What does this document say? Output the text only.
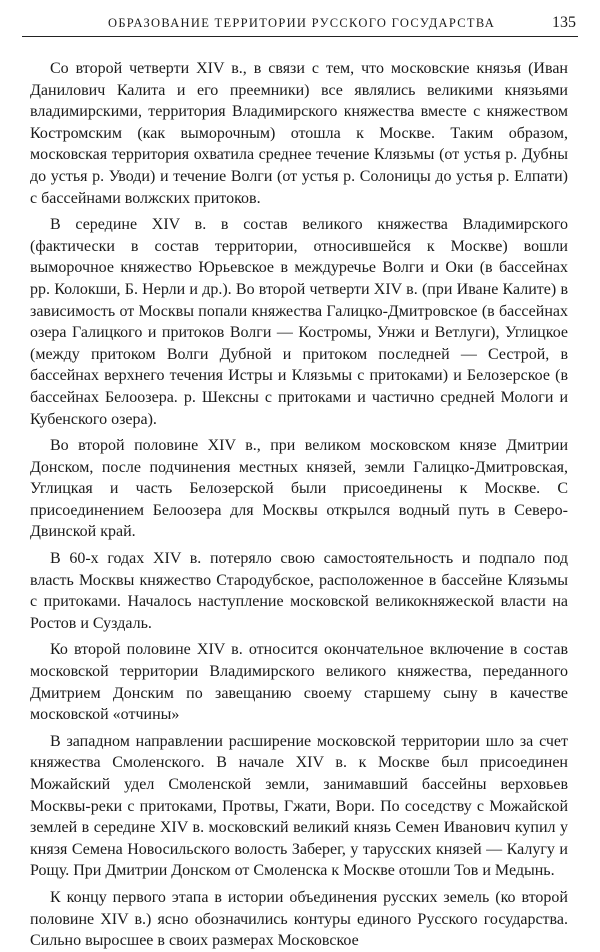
ОБРАЗОВАНИЕ ТЕРРИТОРИИ РУССКОГО ГОСУДАРСТВА	135

Со второй четверти XIV в., в связи с тем, что московские князья (Иван Данилович Калита и его преемники) все являлись великими князьями владимирскими, территория Владимирского княжества вместе с княжеством Костромским (как выморочным) отошла к Москве. Таким образом, московская территория охватила среднее течение Клязьмы (от устья р. Дубны до устья р. Уводи) и течение Волги (от устья р. Солоницы до устья р. Елпати) с бассейнами волжских притоков.

В середине XIV в. в состав великого княжества Владимирского (фактически в состав территории, относившейся к Москве) вошли выморочное княжество Юрьевское в междуречье Волги и Оки (в бассейнах рр. Колокши, Б. Нерли и др.). Во второй четверти XIV в. (при Иване Калите) в зависимость от Москвы попали княжества Галицко-Дмитровское (в бассейнах озера Галицкого и притоков Волги — Костромы, Унжи и Ветлуги), Углицкое (между притоком Волги Дубной и притоком последней — Сестрой, в бассейнах верхнего течения Истры и Клязьмы с притоками) и Белозерское (в бассейнах Белоозера. р. Шексны с притоками и частично средней Мологи и Кубенского озера).

Во второй половине XIV в., при великом московском князе Дмитрии Донском, после подчинения местных князей, земли Галицко-Дмитровская, Углицкая и часть Белозерской были присоединены к Москве. С присоединением Белоозера для Москвы открылся водный путь в Северо-Двинской край.

В 60-х годах XIV в. потеряло свою самостоятельность и подпало под власть Москвы княжество Стародубское, расположенное в бассейне Клязьмы с притоками. Началось наступление московской великокняжеской власти на Ростов и Суздаль.

Ко второй половине XIV в. относится окончательное включение в состав московской территории Владимирского великого княжества, переданного Дмитрием Донским по завещанию своему старшему сыну в качестве московской «отчины»

В западном направлении расширение московской территории шло за счет княжества Смоленского. В начале XIV в. к Москве был присоединен Можайский удел Смоленской земли, занимавший бассейны верховьев Москвы-реки с притоками, Протвы, Гжати, Вори. По соседству с Можайской землей в середине XIV в. московский великий князь Семен Иванович купил у князя Семена Новосильского волость Заберег, у тарусских князей — Калугу и Рощу. При Дмитрии Донском от Смоленска к Москве отошли Тов и Медынь.

К концу первого этапа в истории объединения русских земель (ко второй половине XIV в.) ясно обозначились контуры единого Русского государства. Сильно выросшее в своих размерах Московское
